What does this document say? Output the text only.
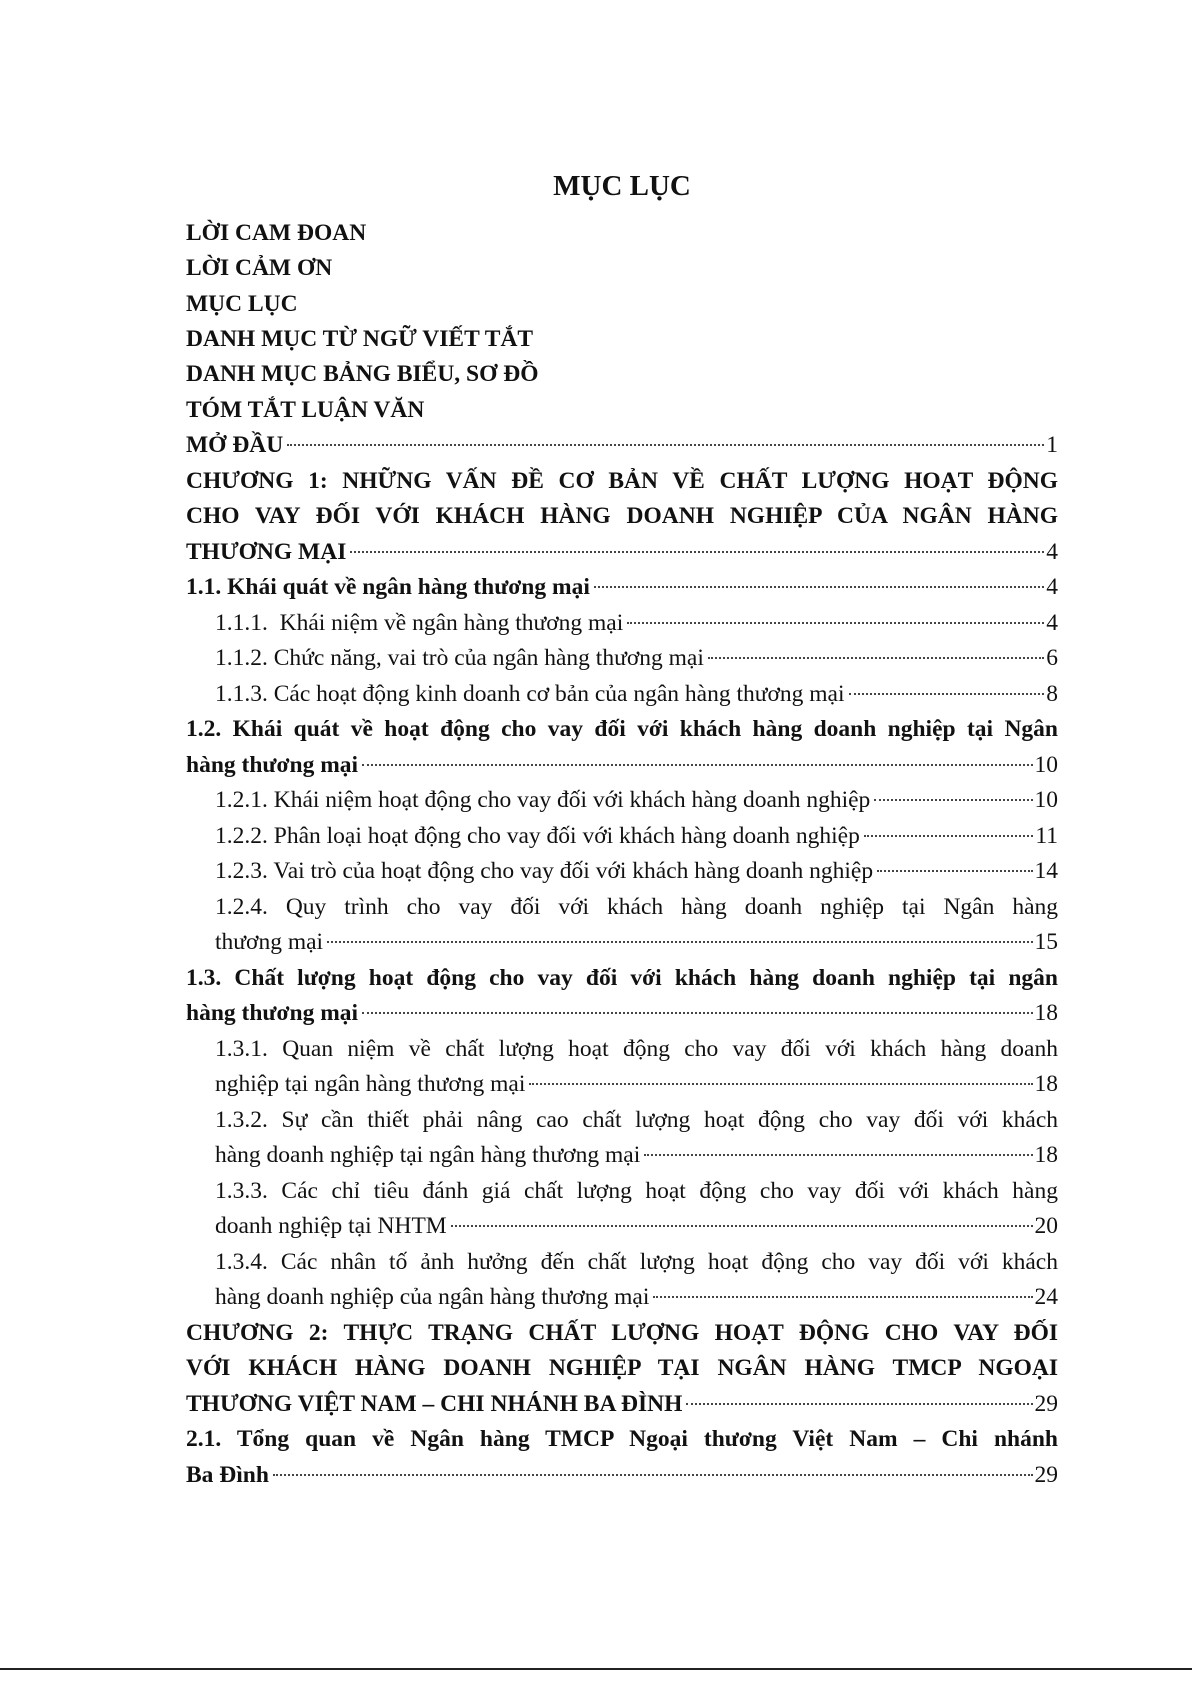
MỤC LỤC
LỜI CAM ĐOAN
LỜI CẢM ƠN
MỤC LỤC
DANH MỤC TỪ NGỮ VIẾT TẮT
DANH MỤC BẢNG BIỂU, SƠ ĐỒ
TÓM TẮT LUẬN VĂN
MỞ ĐẦU	1
CHƯƠNG 1: NHỮNG VẤN ĐỀ CƠ BẢN VỀ CHẤT LƯỢNG HOẠT ĐỘNG
CHO VAY ĐỐI VỚI KHÁCH HÀNG DOANH NGHIỆP CỦA NGÂN HÀNG
THƯƠNG MẠI	4
1.1. Khái quát về ngân hàng thương mại	4
1.1.1.  Khái niệm về ngân hàng thương mại	4
1.1.2. Chức năng, vai trò của ngân hàng thương mại	6
1.1.3. Các hoạt động kinh doanh cơ bản của ngân hàng thương mại	8
1.2. Khái quát về hoạt động cho vay đối với khách hàng doanh nghiệp tại Ngân
hàng thương mại	10
1.2.1. Khái niệm hoạt động cho vay đối với khách hàng doanh nghiệp	10
1.2.2. Phân loại hoạt động cho vay đối với khách hàng doanh nghiệp	11
1.2.3. Vai trò của hoạt động cho vay đối với khách hàng doanh nghiệp	14
1.2.4. Quy trình cho vay đối với khách hàng doanh nghiệp tại Ngân hàng
thương mại	15
1.3. Chất lượng hoạt động cho vay đối với khách hàng doanh nghiệp tại ngân
hàng thương mại	18
1.3.1. Quan niệm về chất lượng hoạt động cho vay đối với khách hàng doanh
nghiệp tại ngân hàng thương mại	18
1.3.2. Sự cần thiết phải nâng cao chất lượng hoạt động cho vay đối với khách
hàng doanh nghiệp tại ngân hàng thương mại	18
1.3.3. Các chỉ tiêu đánh giá chất lượng hoạt động cho vay đối với khách hàng
doanh nghiệp tại NHTM	20
1.3.4. Các nhân tố ảnh hưởng đến chất lượng hoạt động cho vay đối với khách
hàng doanh nghiệp của ngân hàng thương mại	24
CHƯƠNG 2: THỰC TRẠNG CHẤT LƯỢNG HOẠT ĐỘNG CHO VAY ĐỐI
VỚI KHÁCH HÀNG DOANH NGHIỆP TẠI NGÂN HÀNG TMCP NGOẠI
THƯƠNG VIỆT NAM – CHI NHÁNH BA ĐÌNH	29
2.1. Tổng quan về Ngân hàng TMCP Ngoại thương Việt Nam – Chi nhánh
Ba Đình	29
